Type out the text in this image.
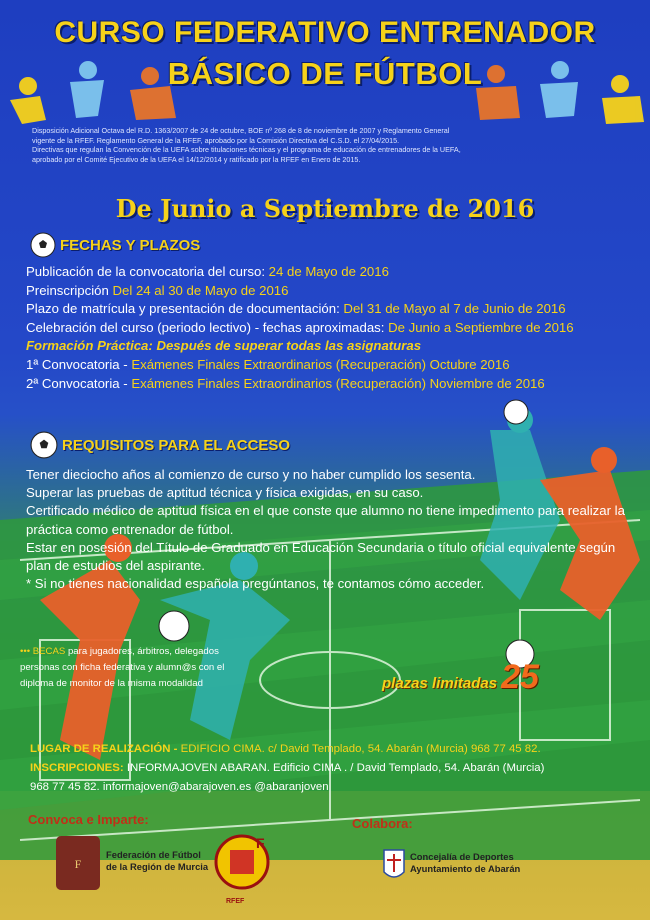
F
F
CURSO FEDERATIVO ENTRENADOR
BÁSICO DE FÚTBOL
Disposición Adicional Octava del R.D. 1363/2007 de 24 de octubre, BOE nº 268 de 8 de noviembre de 2007 y Reglamento General
vigente de la RFEF. Reglamento General de la RFEF, aprobado por la Comisión Directiva del C.S.D. el 27/04/2015.
Directivas que regulan la Convención de la UEFA sobre titulaciones técnicas y el programa de educación de entrenadores de la UEFA,
aprobado por el Comité Ejecutivo de la UEFA el 14/12/2014 y ratificado por la RFEF en Enero de 2015.
De Junio a Septiembre de 2016
FECHAS Y PLAZOS
Publicación de la convocatoria del curso: 24 de Mayo de 2016
Preinscripción Del 24 al 30 de Mayo de 2016
Plazo de matrícula y presentación de documentación: Del 31 de Mayo al 7 de Junio de 2016
Celebración del curso (periodo lectivo) - fechas aproximadas: De Junio a Septiembre de 2016
Formación Práctica: Después de superar todas las asignaturas
1ª Convocatoria - Exámenes Finales Extraordinarios (Recuperación) Octubre 2016
2ª Convocatoria - Exámenes Finales Extraordinarios (Recuperación) Noviembre de 2016
REQUISITOS PARA EL ACCESO
Tener dieciocho años al comienzo de curso y no haber cumplido los sesenta.
Superar las pruebas de aptitud técnica y física exigidas, en su caso.
Certificado médico de aptitud física en el que conste que alumno no tiene impedimento para realizar la práctica como entrenador de fútbol.
Estar en posesión del Título de Graduado en Educación Secundaria o título oficial equivalente según plan de estudios del aspirante.
* Si no tienes nacionalidad española pregúntanos, te contamos cómo acceder.
••• BECAS para jugadores, árbitros, delegados
personas con ficha federativa y alumn@s con el
diploma de monitor de la misma modalidad	plazas limitadas 25
LUGAR DE REALIZACIÓN - EDIFICIO CIMA. c/ David Templado, 54. Abarán (Murcia) 968 77 45 82.
INSCRIPCIONES: INFORMAJOVEN ABARAN. Edificio CIMA . / David Templado, 54. Abarán (Murcia)
968 77 45 82. informajoven@abarajoven.es @abaranjoven
Convoca e Imparte:	Colabora:
Federación de Fútbol
de la Región de Murcia
Concejalía de Deportes
Ayuntamiento de Abarán
RFEF
